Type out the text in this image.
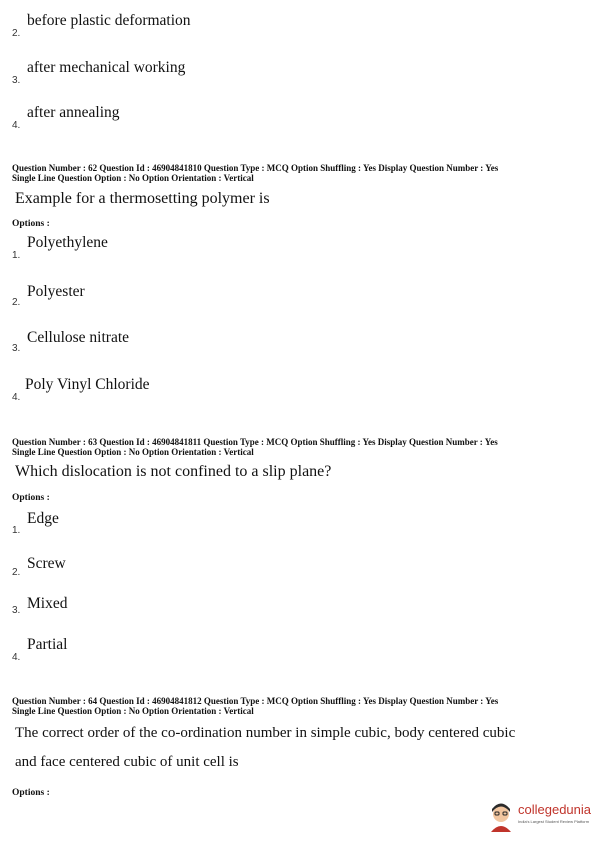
2.
before plastic deformation
3.
after mechanical working
4.
after annealing
Question Number : 62 Question Id : 46904841810 Question Type : MCQ Option Shuffling : Yes Display Question Number : Yes
Single Line Question Option : No Option Orientation : Vertical
Example for a thermosetting polymer is
Options :
1.
Polyethylene
2.
Polyester
3.
Cellulose nitrate
4.
Poly Vinyl Chloride
Question Number : 63 Question Id : 46904841811 Question Type : MCQ Option Shuffling : Yes Display Question Number : Yes
Single Line Question Option : No Option Orientation : Vertical
Which dislocation is not confined to a slip plane?
Options :
1.
Edge
2.
Screw
3. Mixed
4.
Partial
Question Number : 64 Question Id : 46904841812 Question Type : MCQ Option Shuffling : Yes Display Question Number : Yes
Single Line Question Option : No Option Orientation : Vertical
The correct order of the co-ordination number in simple cubic, body centered cubic
and face centered cubic of unit cell is
Options :
collegedunia
India's Largest Student Review Platform
